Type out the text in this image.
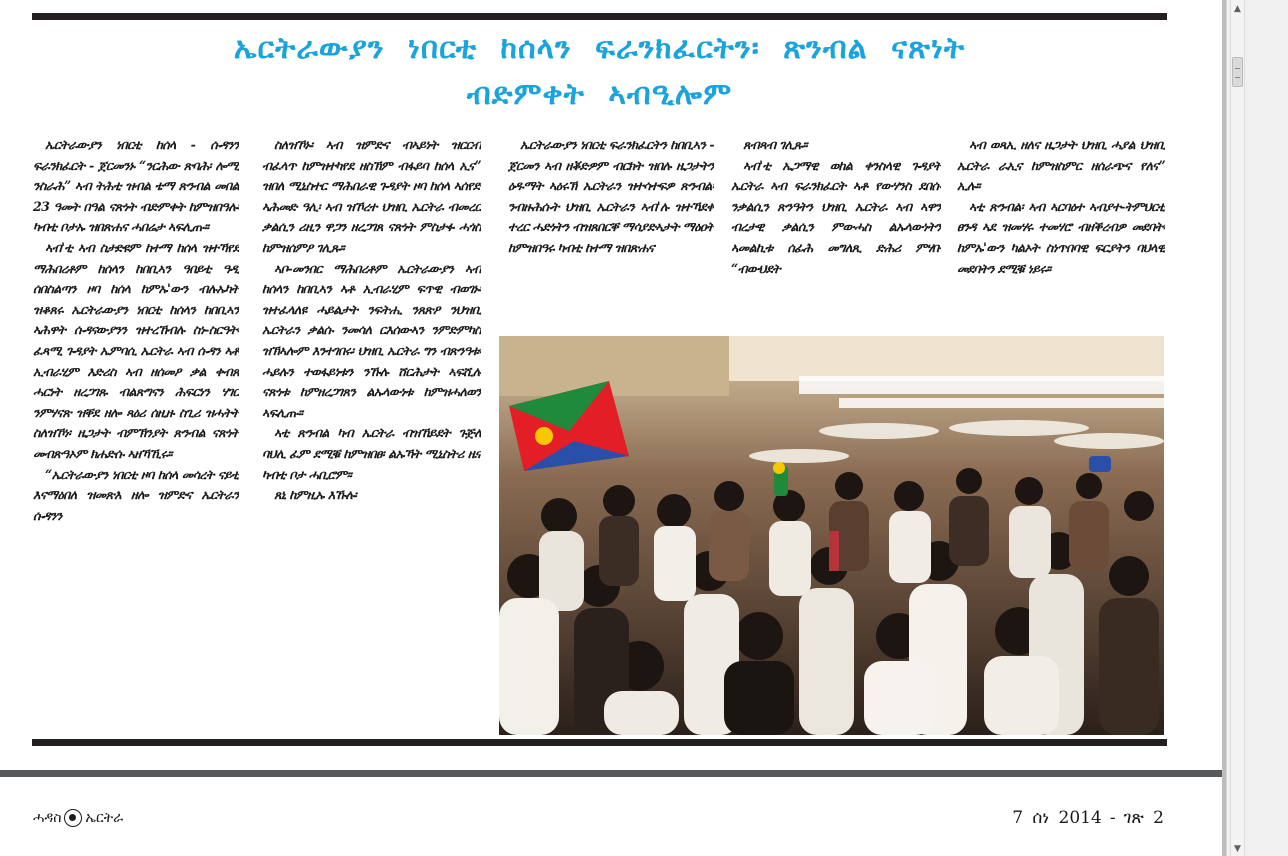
ኤርትራውያን ነበርቲ ከሰላን ፍራንክፈርትን፡ ጽንብል ናጽነት
ብድምቀት ኣብዒሎም

ኤርትራውያን ነበርቲ ከሰላ - ሱዳንን ፍራንክፈርት - ጀርመንኑ “ንርሕው ጽባሕ፡ ሎሚ ንስራሕ” ኣብ ትሕቲ ዝብል ቴማ ጽንብል መበል 23 ዓመት በዓል ናጽነት ብድምቀት ከምዝበዓሉ፡ ካብቲ ቦታኡ ዝበጽሐና ሓበሬታ ኣፍሊጡ፡፡

ኣብ'ቲ ኣብ ስታድዩም ከተማ ከሰላ ዝተኻየደ ማሕበረቶም ከሰላን ከበቢኣን ዓበይቲ ዓዲ ሰበስልጣን ዞባ ከሰላ ከምኡ'ውን ብሉኡካት ዝቆጸሩ ኤርትራውያን ነበርቲ ከሰላን ከበቢኣን ኣሕዋት ሱዳናውያንን ዝተረኸብሉ ስነ-ስርዓት፡ ፈጻሚ ጉዳያት ኤምባሲ ኤርትራ ኣብ ሱዳን ኣቶ ኢብራሂም እድሪስ ኣብ ዘሰመዖ ቃል ቀብጸ ሓርነት ዘረጋገጹ ብልጽግናን ሕፍርነን ሃገር ንምሃናጽ ዝቐደ ዘሎ ጻዕሪ ሰዚዙ ስጊሪ ዝሓትት ስለዝኾነ፡ ዜጋታት ብምኽንያት ጽንብል ናጽነት መብጽዓኦም ክሐድሱ ኣዘኻኺሩ፡፡

“ኤርትራውያን ነበርቲ ዞባ ከሰላ መሳረት ናይቲ እናማዕበለ ዝመጽእ ዘሎ ዝምድና ኤርትራን ሱዳንን

ስለዝኾኑ፡ ኣብ ዝምድና ብኣይነት ዝርርብ ብፈላጥ ከምዝተካየደ ዘስኽም ብፋይባ ከሰላ ኢና” ዝበለ ሚኒስተር ማሕበራዊ ጉዳያት ዞባ ከሰላ ኣሰየድ ኣሕመድ ዓሊ፡ ኣብ ዝኾረተ ህዝቢ ኤርትራ ብመረር ቃልሲን ሪዚን ዋጋን ዘረጋገጸ ናጽነት ምስታፉ ሓጎስ ከምዝሰምዖ ገሊጹ፡፡

ኣቦ-መንበር ማሕበረቶም ኤርትራውያን ኣብ ከሰላን ከበቢኣን ኣቶ ኢብራሂም ፍጥዊ ብወገኑ፡ ዝተፈላለዩ ሓይልታት ንፍትሒ ንጸጽዖ ንህዝቢ ኤርትራን ቃልሱ ንመሳለ ርእሰውኣን ንምድምካስ ዝኽኣሎም እንተገበሩ፡ ህዝቢ ኤርትራ ግን ብጽንዓቱ፡ ሓይሉን ተወፋይነቱን ንኹሉ ሸርሕታት ኣፍሺሉ ናጽነቱ ከምዘረጋገጸን ልኡላውነቱ ከምዝሓለወን ኣፍሊጡ፡፡

ኣቲ ጽንብል ካብ ኤርትራ ብዝኸይደት ጉጅለ ባህሊ ፈም ደሚቑ ከምዝበፀ፡ ልኡኻት ሚኒስትሪ ዜና ካብቲ ቦታ ሓቢሮም፡፡

ጸኒ ከምዚኡ እኹሉ፡

ኤርትራውያን ነበርቲ ፍራንክፈርትን ከበቢኣን - ጀርመን ኣብ ዘቖድዎም ብርክት ዝበሉ ዜጋታትን ዕዱማት ኣዕሩኽ ኤርትራን ዝተሳተፍዎ ጽንብል፡ ንብዙሕሱት ህዝቢ ኤርትራን ኣብ'ሉ ዝተኻደቀ ተረር ሓድነትን ብዝጸበርቐ ማሳያድኣታት ማዕዐት ከምዝበዓሩ ካብቲ ከተማ ዝበጽሐና

ጸብጻብ ገሊጹ፡፡

ኣብ'ቲ ኤጋማዊ ወከል ቀንስላዊ ጉዳያት ኤርትራ ኣብ ፍራንክፈርት ኣቶ የውሃንስ ደበሱ ንቃልሲን ጽንዓትን ህዝቢ ኤርትራ ኣብ ኣዋን ብረታዊ ቃልሲን ምውሓስ ልኡላውነትን ኣመልኪቱ ሰፊሕ መግለጺ ድሕሪ ምሃቡ “ብውህደት

ኣብ ወጻኢ ዘለና ዜጋታት ህዝቢ ሓያል ህዝቢ ኤርትራ ራኢና ከምዝስምር ዘሰራጭና የለና” ኢሉ፡፡

ኣቲ ጽንብል፡ ኣብ ኣርባዕተ ኣብያተ-ትምህርቲ ፀንዳ ኣደ ዝመሃሩ ተመሃሮ ብዘቕረብዎ መደባት፡ ከምኡ'ውን ካልኦት ስነጥበባዊ ፍርያትን ባህላዊ መደባትን ደሚቑ ነይሩ፡፡

ሓዳስ ኤርትራ	7 ሰነ 2014 - ገጽ 2
▲
▼
